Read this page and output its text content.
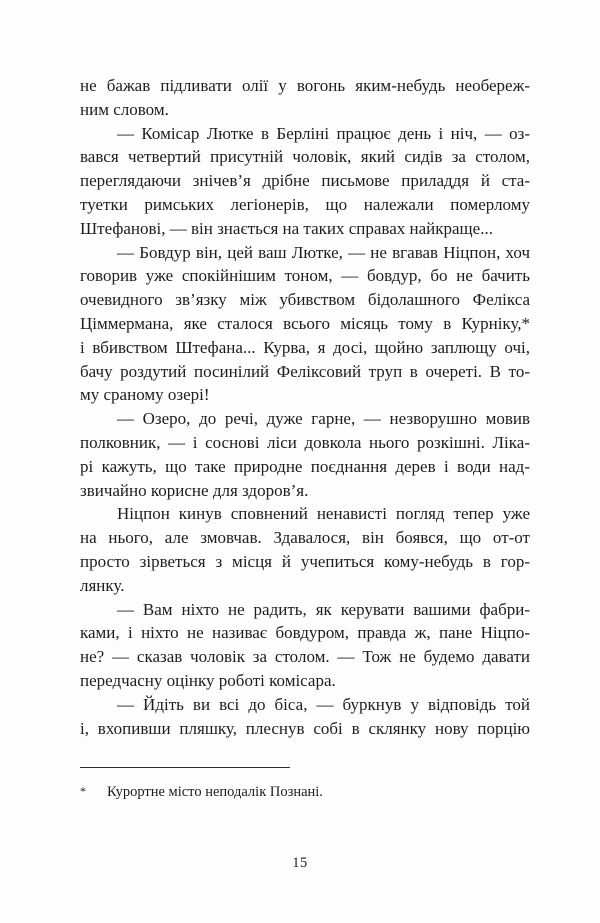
не бажав підливати олії у вогонь яким-небудь необереж-
ним словом.
— Комісар Лютке в Берліні працює день і ніч, — оз-
вався четвертий присутній чоловік, який сидів за столом,
переглядаючи знічев’я дрібне письмове приладдя й ста-
туетки римських легіонерів, що належали померлому
Штефанові, — він знається на таких справах найкраще...
— Бовдур він, цей ваш Лютке, — не вгавав Ніцпон, хоч
говорив уже спокійнішим тоном, — бовдур, бо не бачить
очевидного зв’язку між убивством бідолашного Фелікса
Ціммермана, яке сталося всього місяць тому в Курніку,*
і вбивством Штефана... Курва, я досі, щойно заплющу очі,
бачу роздутий посинілий Феліксовий труп в очереті. В то-
му сраному озері!
— Озеро, до речі, дуже гарне, — незворушно мовив
полковник, — і соснові ліси довкола нього розкішні. Ліка-
рі кажуть, що таке природне поєднання дерев і води над-
звичайно корисне для здоров’я.
Ніцпон кинув сповнений ненависті погляд тепер уже
на нього, але змовчав. Здавалося, він боявся, що от-от
просто зірветься з місця й учепиться кому-небудь в гор-
лянку.
— Вам ніхто не радить, як керувати вашими фабри-
ками, і ніхто не називає бовдуром, правда ж, пане Ніцпо-
не? — сказав чоловік за столом. — Тож не будемо давати
передчасну оцінку роботі комісара.
— Йдіть ви всі до біса, — буркнув у відповідь той
і, вхопивши пляшку, плеснув собі в склянку нову порцію
* Курортне місто неподалік Познані.
15
